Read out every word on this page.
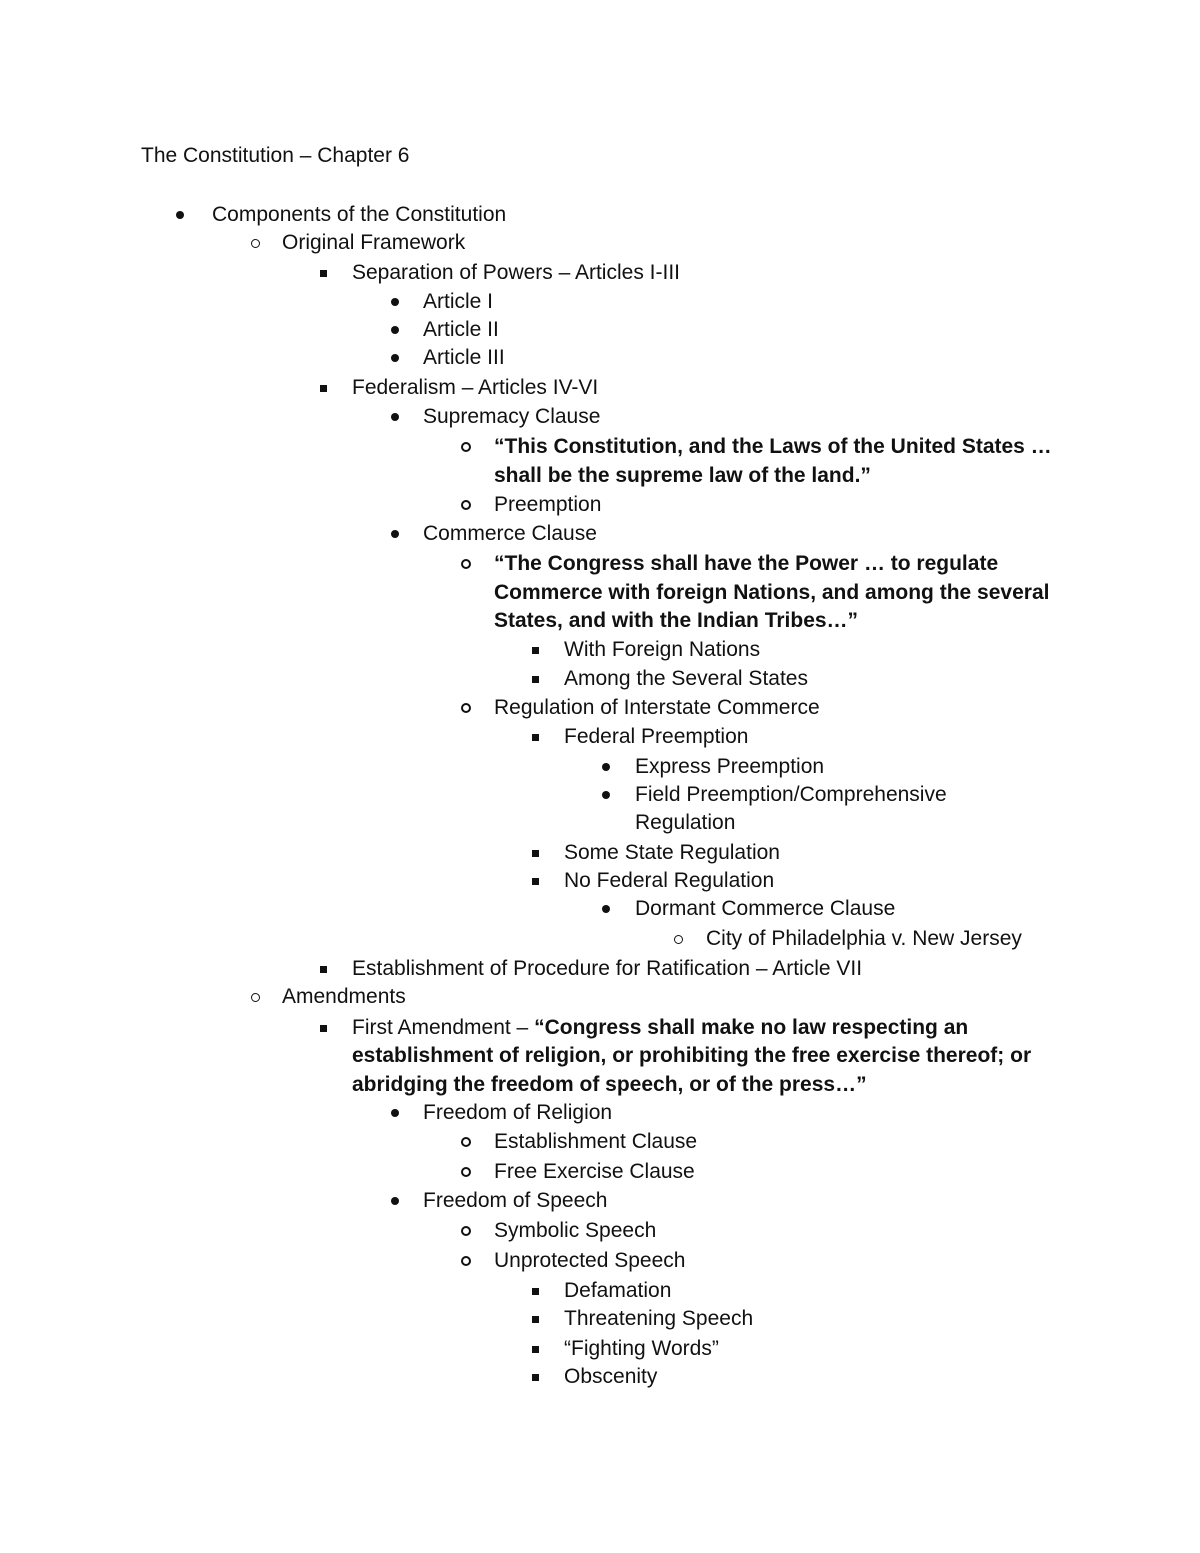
The Constitution – Chapter 6
Components of the Constitution
Original Framework
Separation of Powers – Articles I-III
Article I
Article II
Article III
Federalism – Articles IV-VI
Supremacy Clause
“This Constitution, and the Laws of the United States …
shall be the supreme law of the land.”
Preemption
Commerce Clause
“The Congress shall have the Power … to regulate
Commerce with foreign Nations, and among the several
States, and with the Indian Tribes…”
With Foreign Nations
Among the Several States
Regulation of Interstate Commerce
Federal Preemption
Express Preemption
Field Preemption/Comprehensive
Regulation
Some State Regulation
No Federal Regulation
Dormant Commerce Clause
City of Philadelphia v. New Jersey
Establishment of Procedure for Ratification – Article VII
Amendments
First Amendment – “Congress shall make no law respecting an
establishment of religion, or prohibiting the free exercise thereof; or
abridging the freedom of speech, or of the press…”
Freedom of Religion
Establishment Clause
Free Exercise Clause
Freedom of Speech
Symbolic Speech
Unprotected Speech
Defamation
Threatening Speech
“Fighting Words”
Obscenity
